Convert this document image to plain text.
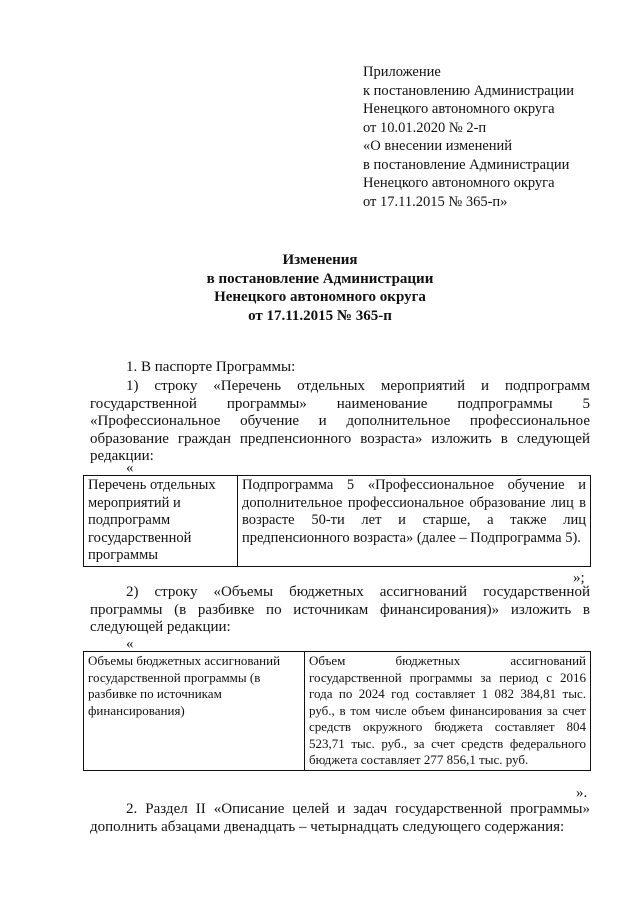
Приложение
к постановлению Администрации
Ненецкого автономного округа
от 10.01.2020 № 2-п
«О внесении изменений
в постановление Администрации
Ненецкого автономного округа
от 17.11.2015 № 365-п»
Изменения
в постановление Администрации
Ненецкого автономного округа
от 17.11.2015 № 365-п
1. В паспорте Программы:
1) строку «Перечень отдельных мероприятий и подпрограмм государственной программы» наименование подпрограммы 5 «Профессиональное обучение и дополнительное профессиональное образование граждан предпенсионного возраста» изложить в следующей редакции:
«
Перечень отдельных мероприятий и подпрограмм государственной программы	Подпрограмма 5 «Профессиональное обучение и дополнительное профессиональное образование лиц в возрасте 50-ти лет и старше, а также лиц предпенсионного возраста» (далее – Подпрограмма 5).
»;
2) строку «Объемы бюджетных ассигнований государственной программы (в разбивке по источникам финансирования)» изложить в следующей редакции:
«
Объемы бюджетных ассигнований государственной программы (в разбивке по источникам финансирования)	Объем бюджетных ассигнований государственной программы за период с 2016 года по 2024 год составляет 1 082 384,81 тыс. руб., в том числе объем финансирования за счет средств окружного бюджета составляет 804 523,71 тыс. руб., за счет средств федерального бюджета составляет 277 856,1 тыс. руб.
».
2. Раздел II «Описание целей и задач государственной программы» дополнить абзацами двенадцать – четырнадцать следующего содержания:
